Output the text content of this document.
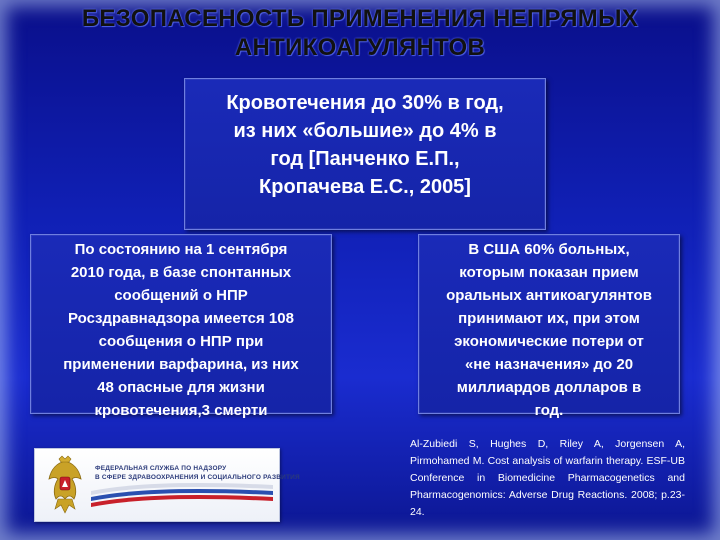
БЕЗОПАСЕНОСТЬ ПРИМЕНЕНИЯ НЕПРЯМЫХ
АНТИКОАГУЛЯНТОВ
Кровотечения до 30% в год,
из них «большие» до 4% в
год [Панченко Е.П.,
Кропачева Е.С., 2005]
По состоянию на 1 сентября
2010 года, в базе спонтанных
сообщений о НПР
Росздравнадзора имеется 108
сообщения о НПР при
применении варфарина, из них
48 опасные для жизни
кровотечения,3 смерти
В США 60% больных,
которым показан прием
оральных антикоагулянтов
принимают их, при этом
экономические потери от
«не назначения» до 20
миллиардов долларов в
год.
Al-Zubiedi S, Hughes D, Riley A, Jorgensen A, Pirmohamed M. Cost analysis of warfarin therapy. ESF-UB Conference in Biomedicine Pharmacogenetics and Pharmacogenomics: Adverse Drug Reactions. 2008; p.23-24.
ФЕДЕРАЛЬНАЯ СЛУЖБА ПО НАДЗОРУ
В СФЕРЕ ЗДРАВООХРАНЕНИЯ И СОЦИАЛЬНОГО РАЗВИТИЯ
